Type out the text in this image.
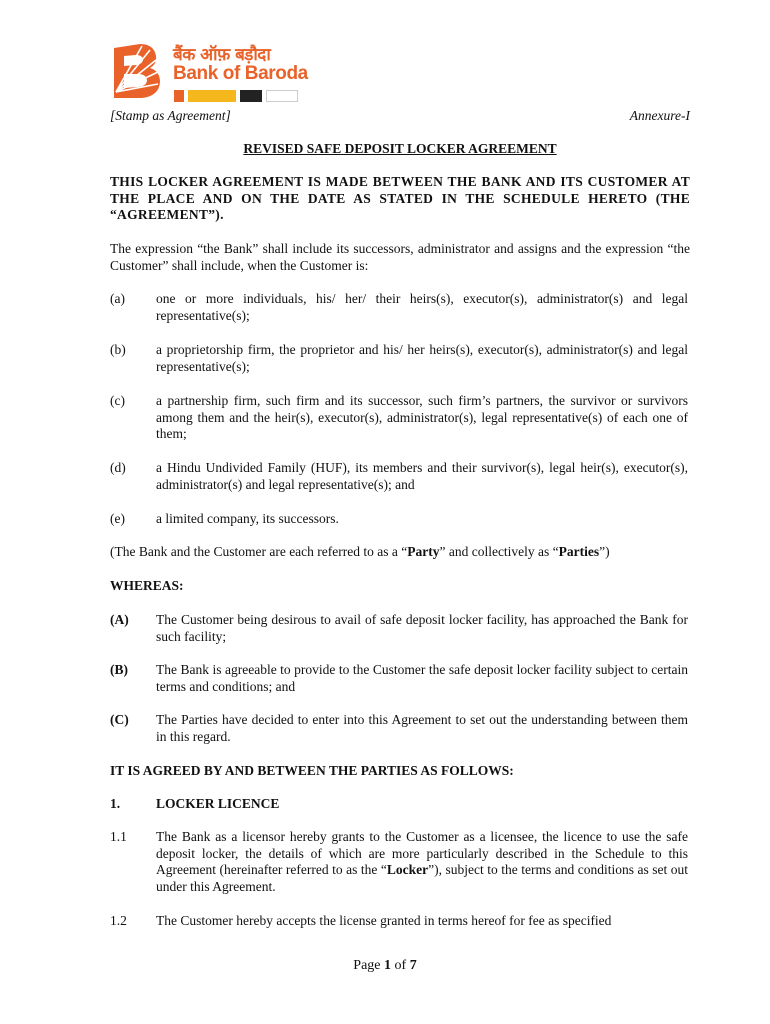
बैंक ऑफ़ बड़ौदा
Bank of Baroda
[Stamp as Agreement]	Annexure-I
REVISED SAFE DEPOSIT LOCKER AGREEMENT
THIS LOCKER AGREEMENT IS MADE BETWEEN THE BANK AND ITS CUSTOMER AT THE PLACE AND ON THE DATE AS STATED IN THE SCHEDULE HERETO (THE “AGREEMENT”).
The expression “the Bank” shall include its successors, administrator and assigns and the expression “the Customer” shall include, when the Customer is:
(a) one or more individuals, his/ her/ their heirs(s), executor(s), administrator(s) and legal representative(s);
(b) a proprietorship firm, the proprietor and his/ her heirs(s), executor(s), administrator(s) and legal representative(s);
(c) a partnership firm, such firm and its successor, such firm’s partners, the survivor or survivors among them and the heir(s), executor(s), administrator(s), legal representative(s) of each one of them;
(d) a Hindu Undivided Family (HUF), its members and their survivor(s), legal heir(s), executor(s), administrator(s) and legal representative(s); and
(e) a limited company, its successors.
(The Bank and the Customer are each referred to as a “Party” and collectively as “Parties”)
WHEREAS:
(A) The Customer being desirous to avail of safe deposit locker facility, has approached the Bank for such facility;
(B) The Bank is agreeable to provide to the Customer the safe deposit locker facility subject to certain terms and conditions; and
(C) The Parties have decided to enter into this Agreement to set out the understanding between them in this regard.
IT IS AGREED BY AND BETWEEN THE PARTIES AS FOLLOWS:
1.	LOCKER LICENCE
1.1 The Bank as a licensor hereby grants to the Customer as a licensee, the licence to use the safe deposit locker, the details of which are more particularly described in the Schedule to this Agreement (hereinafter referred to as the “Locker”), subject to the terms and conditions as set out under this Agreement.
1.2 The Customer hereby accepts the license granted in terms hereof for fee as specified
Page 1 of 7
